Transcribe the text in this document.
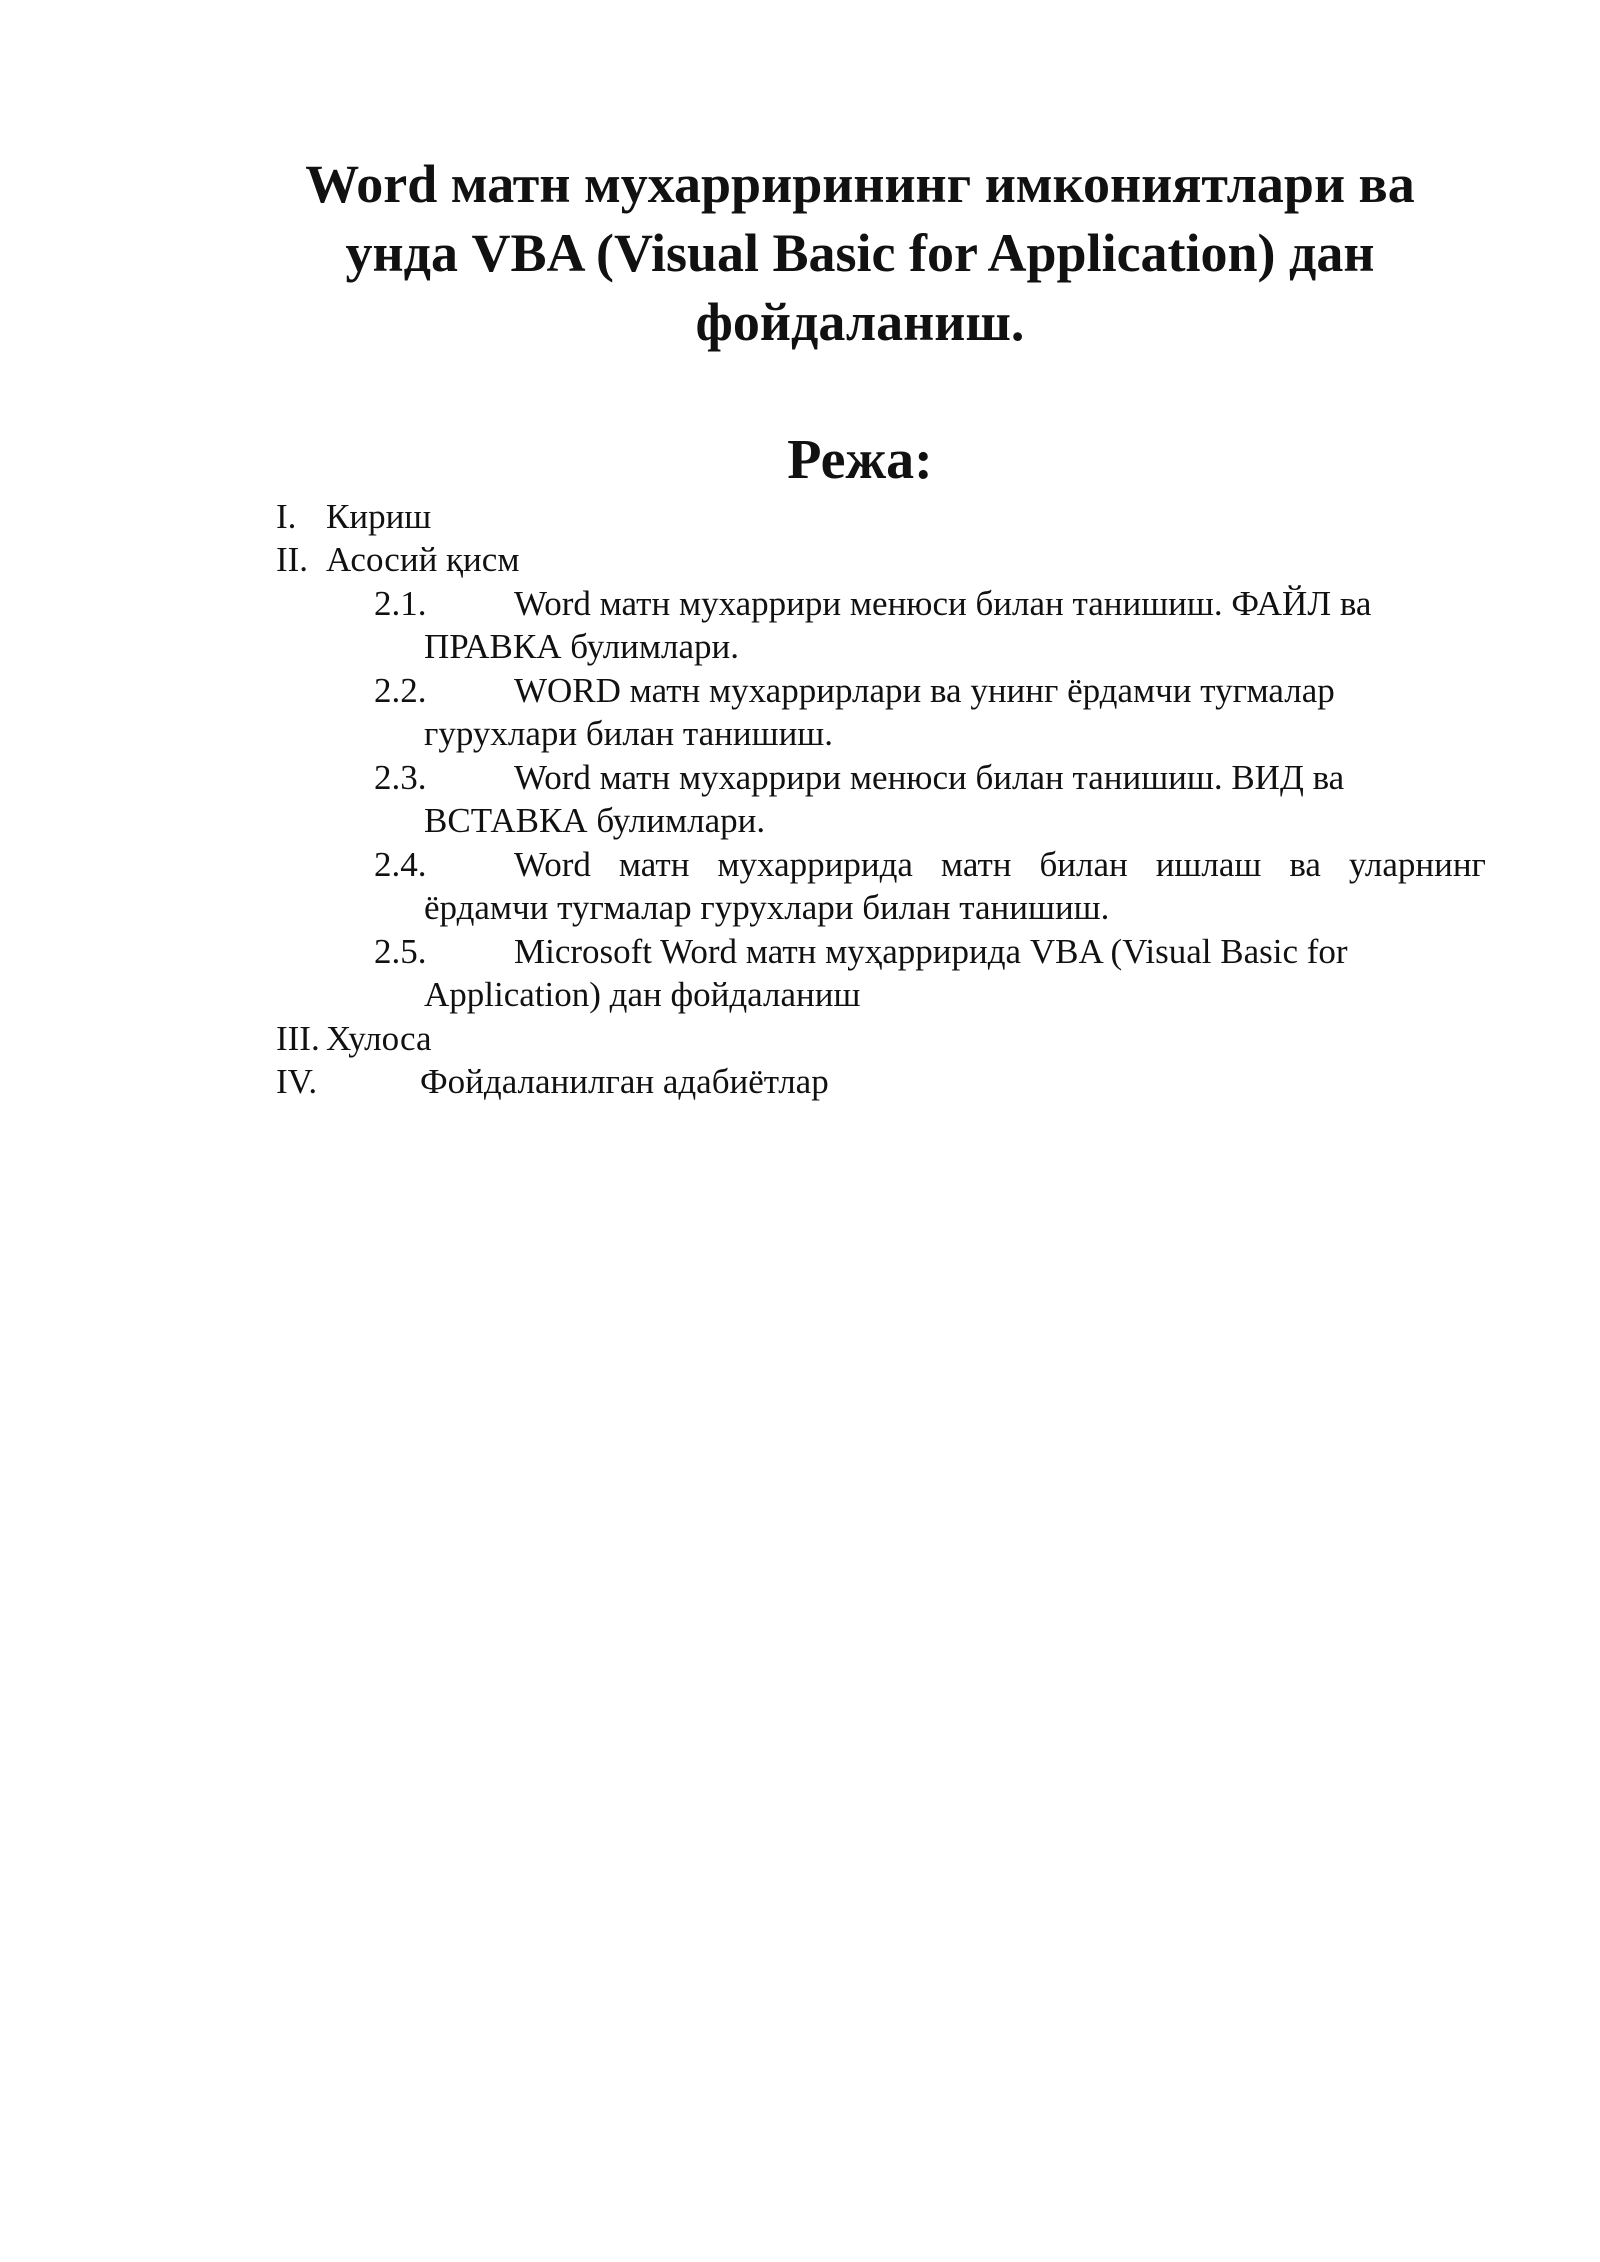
Word матн мухаррирининг имкониятлари ва
унда VBA (Visual Basic for Application) дан
фойдаланиш.
Режа:
I. Кириш
II. Асосий қисм
2.1.	Word матн мухаррири менюси билан танишиш. ФАЙЛ ва
ПРАВКА булимлари.
2.2.	WORD матн мухаррирлари ва унинг ёрдамчи тугмалар
гурухлари билан танишиш.
2.3.	Word матн мухаррири менюси билан танишиш. ВИД ва
ВСТАВКА булимлари.
2.4.	Word матн мухарририда матн билан ишлаш ва уларнинг
ёрдамчи тугмалар гурухлари билан танишиш.
2.5.	Microsoft Word матн муҳарририда VBA (Visual Basic for
Application) дан фойдаланиш
III. Хулоса
IV.	Фойдаланилган адабиётлар
